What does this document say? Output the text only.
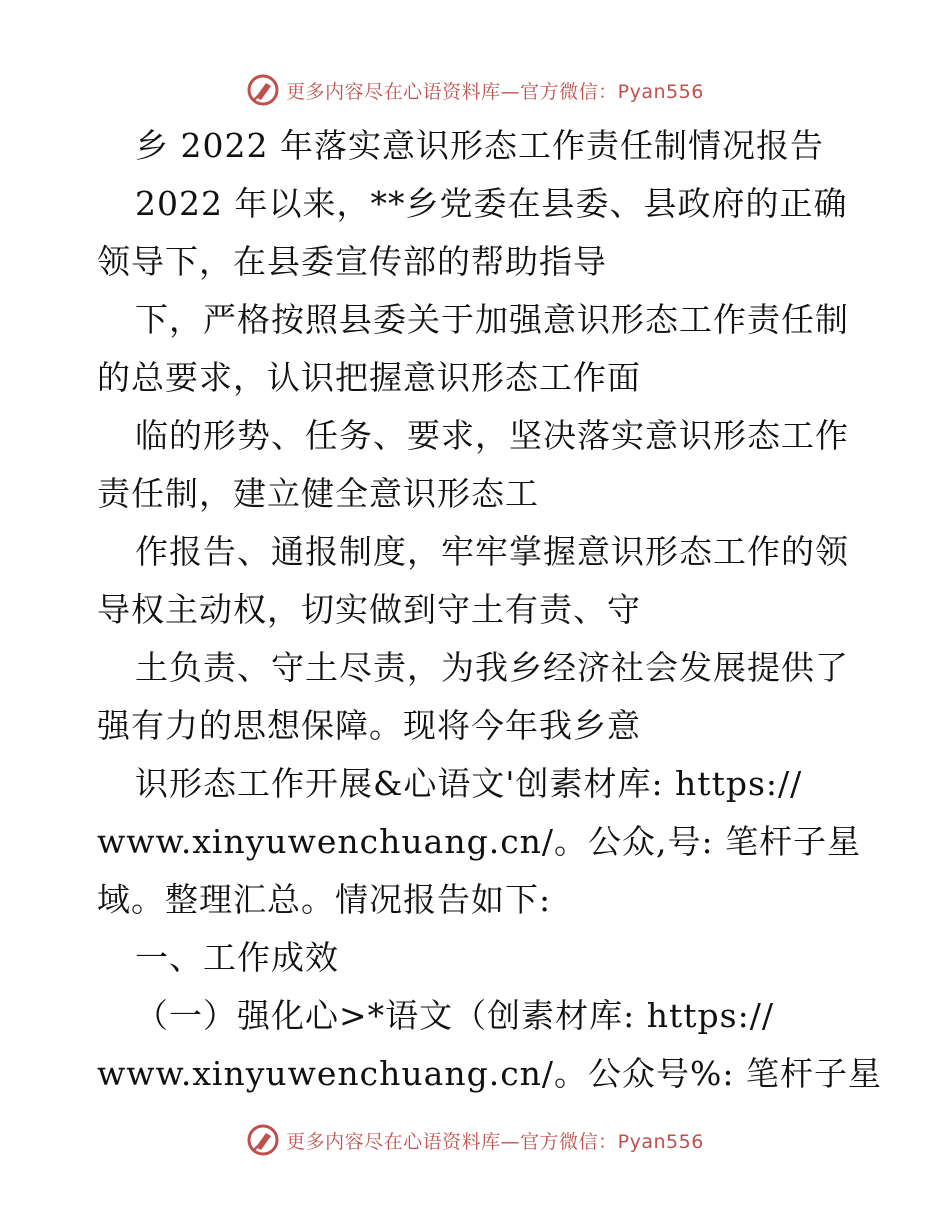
更多内容尽在心语资料库—官方微信：Pyan556
乡 2022 年落实意识形态工作责任制情况报告
2022 年以来，**乡党委在县委、县政府的正确
领导下，在县委宣传部的帮助指导
下，严格按照县委关于加强意识形态工作责任制
的总要求，认识把握意识形态工作面
临的形势、任务、要求，坚决落实意识形态工作
责任制，建立健全意识形态工
作报告、通报制度，牢牢掌握意识形态工作的领
导权主动权，切实做到守土有责、守
土负责、守土尽责，为我乡经济社会发展提供了
强有力的思想保障。现将今年我乡意
识形态工作开展&心语文'创素材库: https://
www.xinyuwenchuang.cn/。公众,号: 笔杆子星
域。整理汇总。情况报告如下:
一、工作成效
（一）强化心>*语文（创素材库: https://
www.xinyuwenchuang.cn/。公众号%: 笔杆子星
更多内容尽在心语资料库—官方微信：Pyan556
